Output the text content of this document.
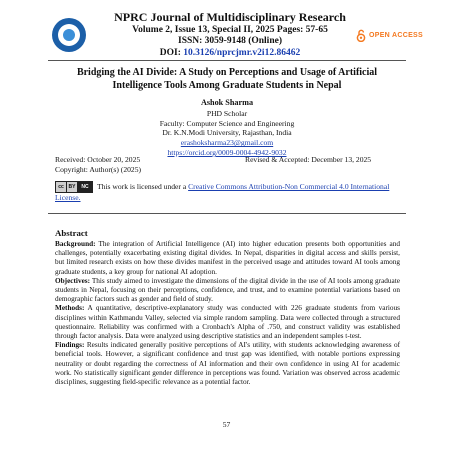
NPRC Journal of Multidisciplinary Research
Volume 2, Issue 13, Special II, 2025 Pages: 57-65
ISSN: 3059-9148 (Online)
DOI: 10.3126/nprcjmr.v2i12.86462
OPEN ACCESS
Bridging the AI Divide: A Study on Perceptions and Usage of Artificial
Intelligence Tools Among Graduate Students in Nepal
Ashok Sharma
PHD Scholar
Faculty: Computer Science and Engineering
Dr. K.N.Modi University, Rajasthan, India
erashoksharma23@gmail.com
https://orcid.org/0009-0004-4942-9032
Received: October 20, 2025	Revised & Accepted: December 13, 2025
Copyright: Author(s) (2025)
cc BY	NC	This work is licensed under a Creative Commons Attribution-Non Commercial 4.0 International License.
Abstract

Background: The integration of Artificial Intelligence (AI) into higher education presents both opportunities and challenges, potentially exacerbating existing digital divides. In Nepal, disparities in digital access and skills persist, but limited research exists on how these divides manifest in the perceived usage and attitudes toward AI tools among graduate students, a key group for national AI adoption.

Objectives: This study aimed to investigate the dimensions of the digital divide in the use of AI tools among graduate students in Nepal, focusing on their perceptions, confidence, and trust, and to examine potential variations based on demographic factors such as gender and field of study.

Methods: A quantitative, descriptive-explanatory study was conducted with 226 graduate students from various disciplines within Kathmandu Valley, selected via simple random sampling. Data were collected through a structured questionnaire. Reliability was confirmed with a Cronbach's Alpha of .750, and construct validity was established through factor analysis. Data were analyzed using descriptive statistics and an independent samples t-test.

Findings: Results indicated generally positive perceptions of AI's utility, with students acknowledging awareness of beneficial tools. However, a significant confidence and trust gap was identified, with notable portions expressing neutrality or doubt regarding the correctness of AI information and their own confidence in using AI for academic work. No statistically significant gender difference in perceptions was found. Variation was observed across academic disciplines, suggesting field-specific relevance as a potential factor.

57
